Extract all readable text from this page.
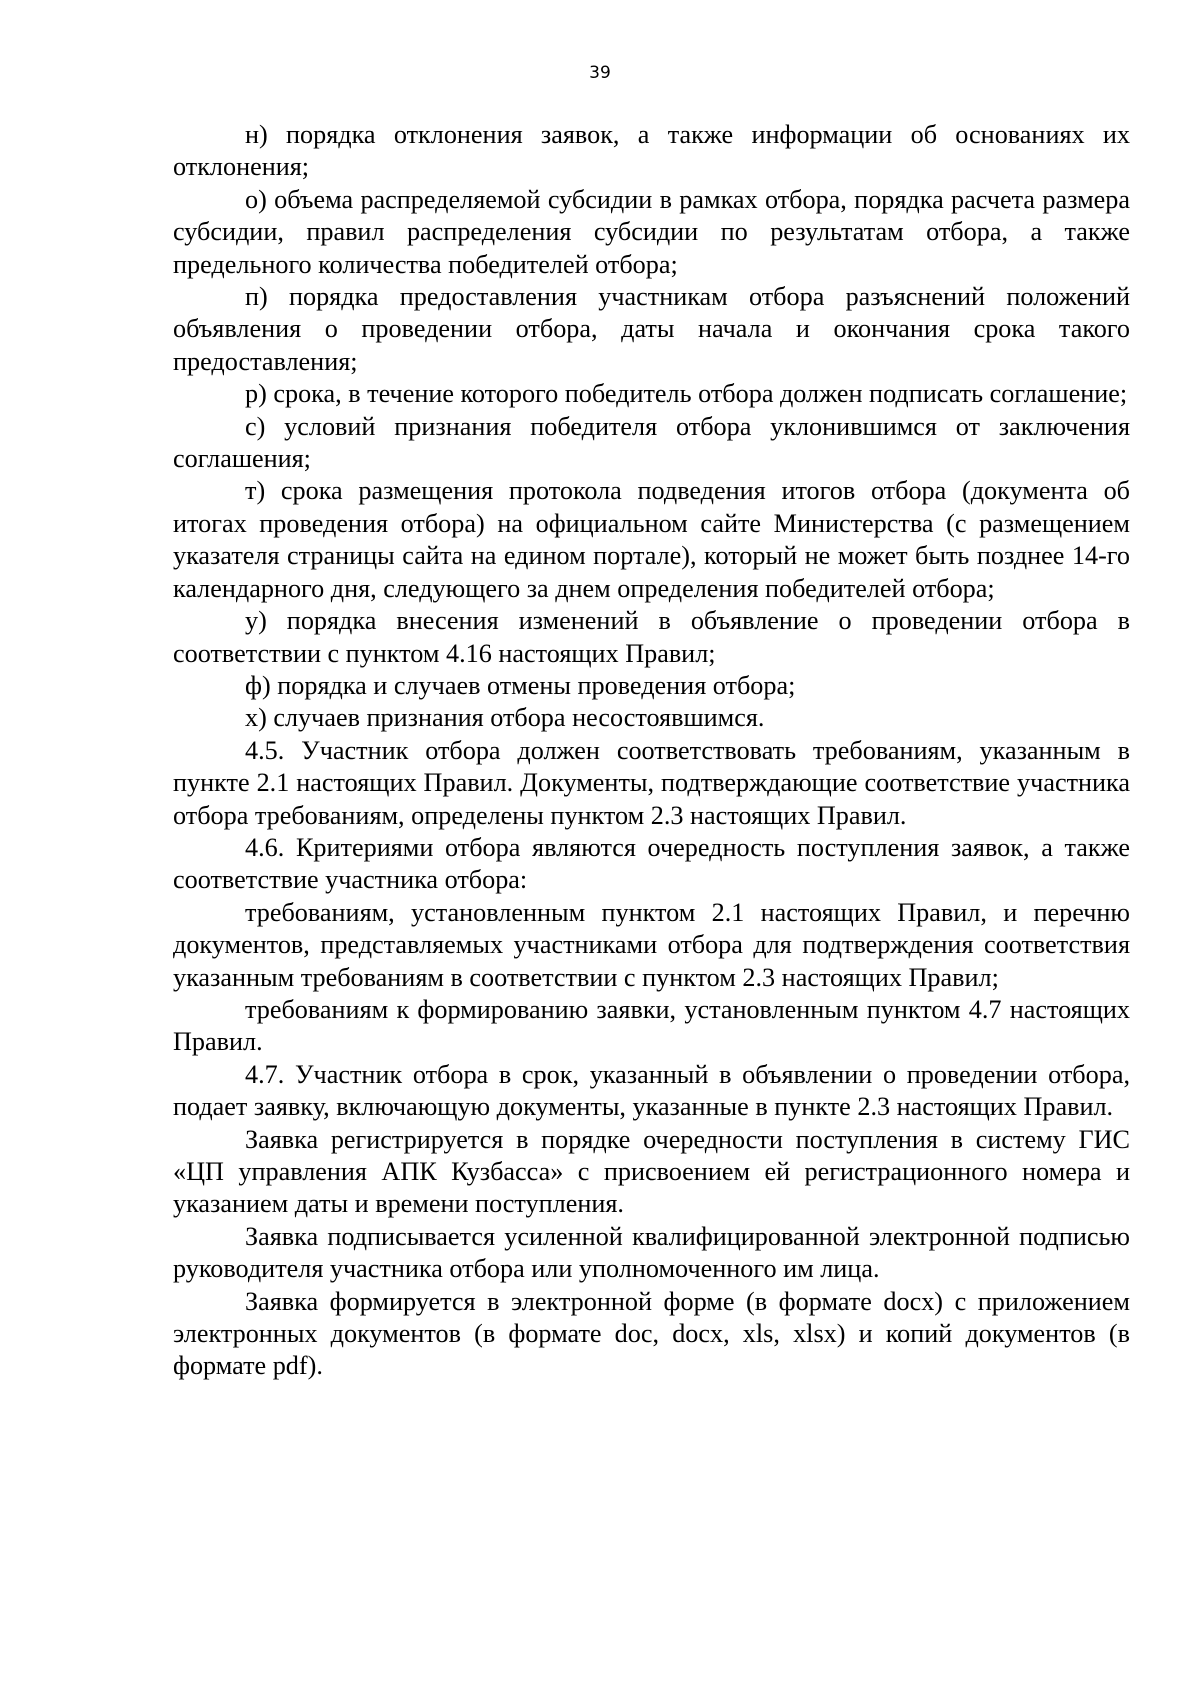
39

н) порядка отклонения заявок, а также информации об основаниях их отклонения;

о) объема распределяемой субсидии в рамках отбора, порядка расчета размера субсидии, правил распределения субсидии по результатам отбора, а также предельного количества победителей отбора;

п) порядка предоставления участникам отбора разъяснений положений объявления о проведении отбора, даты начала и окончания срока такого предоставления;

р) срока, в течение которого победитель отбора должен подписать соглашение;

с) условий признания победителя отбора уклонившимся от заключения соглашения;

т) срока размещения протокола подведения итогов отбора (документа об итогах проведения отбора) на официальном сайте Министерства (с размещением указателя страницы сайта на едином портале), который не может быть позднее 14-го календарного дня, следующего за днем определения победителей отбора;

у) порядка внесения изменений в объявление о проведении отбора в соответствии с пунктом 4.16 настоящих Правил;

ф) порядка и случаев отмены проведения отбора;

х) случаев признания отбора несостоявшимся.

4.5. Участник отбора должен соответствовать требованиям, указанным в пункте 2.1 настоящих Правил. Документы, подтверждающие соответствие участника отбора требованиям, определены пунктом 2.3 настоящих Правил.

4.6. Критериями отбора являются очередность поступления заявок, а также соответствие участника отбора:

требованиям, установленным пунктом 2.1 настоящих Правил, и перечню документов, представляемых участниками отбора для подтверждения соответствия указанным требованиям в соответствии с пунктом 2.3 настоящих Правил;

требованиям к формированию заявки, установленным пунктом 4.7 настоящих Правил.

4.7. Участник отбора в срок, указанный в объявлении о проведении отбора, подает заявку, включающую документы, указанные в пункте 2.3 настоящих Правил.

Заявка регистрируется в порядке очередности поступления в систему ГИС «ЦП управления АПК Кузбасса» с присвоением ей регистрационного номера и указанием даты и времени поступления.

Заявка подписывается усиленной квалифицированной электронной подписью руководителя участника отбора или уполномоченного им лица.

Заявка формируется в электронной форме (в формате docx) с приложением электронных документов (в формате doc, docx, xls, xlsx) и копий документов (в формате pdf).
